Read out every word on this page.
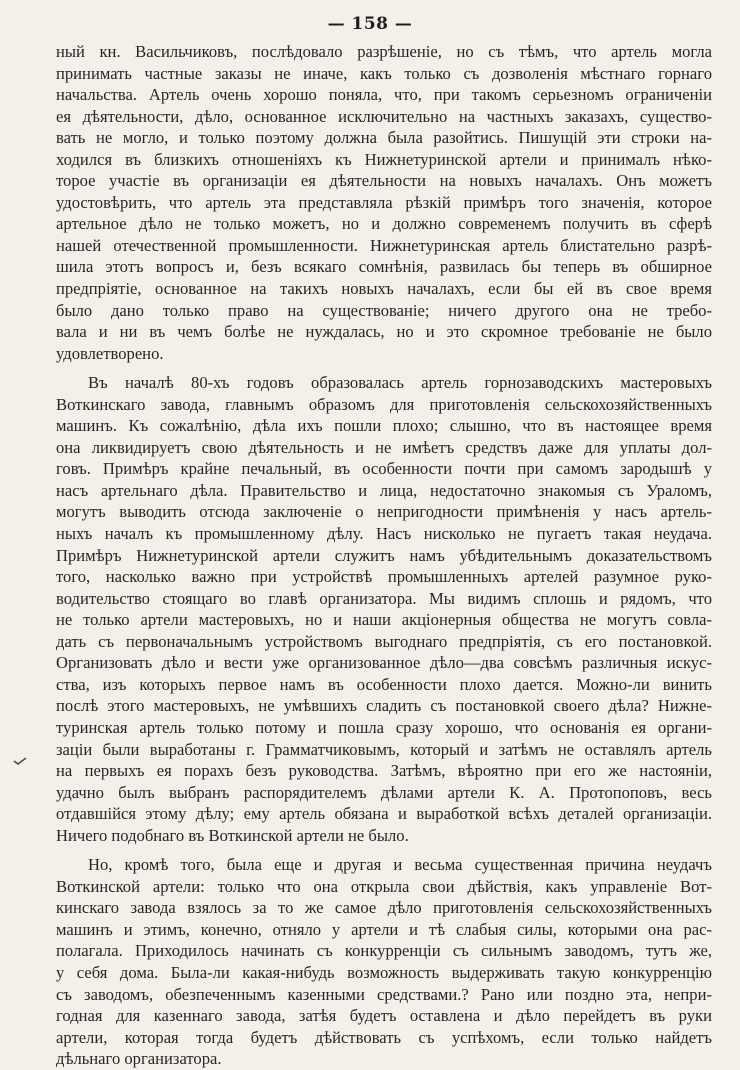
— 158 —
ный кн. Васильчиковъ, послѣдовало разрѣшеніе, но съ тѣмъ, что артель могла
принимать частные заказы не иначе, какъ только съ дозволенія мѣстнаго горнаго
начальства. Артель очень хорошо поняла, что, при такомъ серьезномъ ограниченіи
ея дѣятельности, дѣло, основанное исключительно на частныхъ заказахъ, существо-
вать не могло, и только поэтому должна была разойтись. Пишущій эти строки на-
ходился въ близкихъ отношеніяхъ къ Нижнетуринской артели и принималъ нѣко-
торое участіе въ организаціи ея дѣятельности на новыхъ началахъ. Онъ можетъ
удостовѣрить, что артель эта представляла рѣзкій примѣръ того значенія, которое
артельное дѣло не только можетъ, но и должно современемъ получить въ сферѣ
нашей отечественной промышленности. Нижнетуринская артель блистательно разрѣ-
шила этотъ вопросъ и, безъ всякаго сомнѣнія, развилась бы теперь въ обширное
предпріятіе, основанное на такихъ новыхъ началахъ, если бы ей въ свое время
было дано только право на существованіе; ничего другого она не требо-
вала и ни въ чемъ болѣе не нуждалась, но и это скромное требованіе не было
удовлетворено.
Въ началѣ 80-хъ годовъ образовалась артель горнозаводскихъ мастеровыхъ
Воткинскаго завода, главнымъ образомъ для приготовленія сельскохозяйственныхъ
машинъ. Къ сожалѣнію, дѣла ихъ пошли плохо; слышно, что въ настоящее время
она ликвидируетъ свою дѣятельность и не имѣетъ средствъ даже для уплаты дол-
говъ. Примѣръ крайне печальный, въ особенности почти при самомъ зародышѣ у
насъ артельнаго дѣла. Правительство и лица, недостаточно знакомыя съ Ураломъ,
могутъ выводить отсюда заключеніе о непригодности примѣненія у насъ артель-
ныхъ началъ къ промышленному дѣлу. Насъ нисколько не пугаетъ такая неудача.
Примѣръ Нижнетуринской артели служитъ намъ убѣдительнымъ доказательствомъ
того, насколько важно при устройствѣ промышленныхъ артелей разумное руко-
водительство стоящаго во главѣ организатора. Мы видимъ сплошь и рядомъ, что
не только артели мастеровыхъ, но и наши акціонерныя общества не могутъ совла-
дать съ первоначальнымъ устройствомъ выгоднаго предпріятія, съ его постановкой.
Организовать дѣло и вести уже организованное дѣло—два совсѣмъ различныя искус-
ства, изъ которыхъ первое намъ въ особенности плохо дается. Можно-ли винить
послѣ этого мастеровыхъ, не умѣвшихъ сладить съ постановкой своего дѣла? Нижне-
туринская артель только потому и пошла сразу хорошо, что основанія ея органи-
заціи были выработаны г. Грамматчиковымъ, который и затѣмъ не оставлялъ артель
на первыхъ ея порахъ безъ руководства. Затѣмъ, вѣроятно при его же настояніи,
удачно былъ выбранъ распорядителемъ дѣлами артели К. А. Протопоповъ, весь
отдавшійся этому дѣлу; ему артель обязана и выработкой всѣхъ деталей организаціи.
Ничего подобнаго въ Воткинской артели не было.
Но, кромѣ того, была еще и другая и весьма существенная причина неудачъ
Воткинской артели: только что она открыла свои дѣйствія, какъ управленіе Вот-
кинскаго завода взялось за то же самое дѣло приготовленія сельскохозяйственныхъ
машинъ и этимъ, конечно, отняло у артели и тѣ слабыя силы, которыми она рас-
полагала. Приходилось начинать съ конкурренціи съ сильнымъ заводомъ, тутъ же,
у себя дома. Была-ли какая-нибудь возможность выдерживать такую конкурренцію
съ заводомъ, обезпеченнымъ казенными средствами.? Рано или поздно эта, непри-
годная для казеннаго завода, затѣя будетъ оставлена и дѣло перейдетъ въ руки
артели, которая тогда будетъ дѣйствовать съ успѣхомъ, если только найдетъ
дѣльнаго организатора.
